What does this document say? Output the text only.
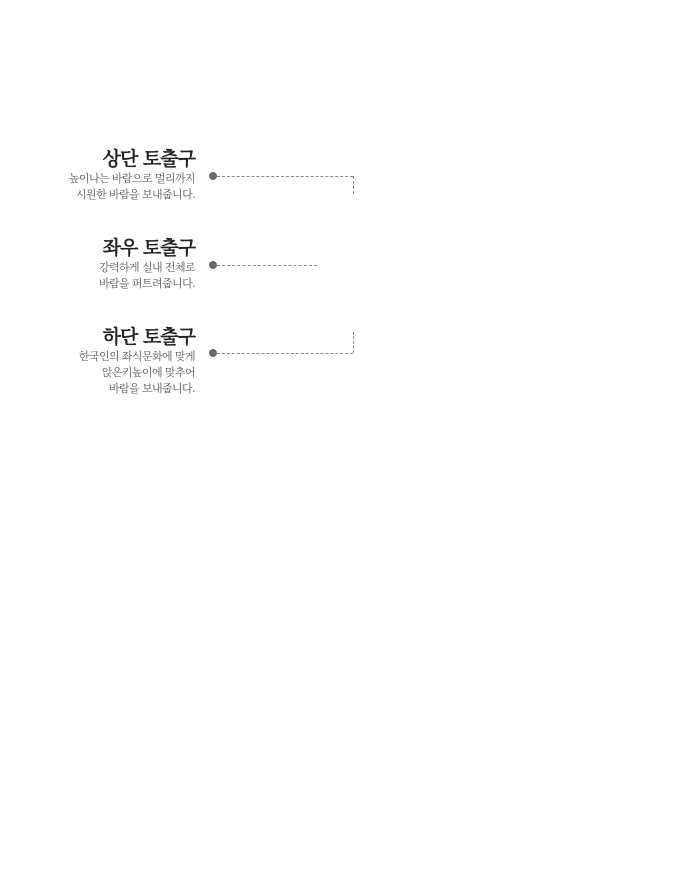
상단 토출구
높이나는 바람으로 멀리까지
시원한 바람을 보내줍니다.
좌우 토출구
강력하게 실내 전체로
바람을 퍼트려줍니다.
하단 토출구
한국인의 좌식문화에 맞게
앉은키높이에 맞추어
바람을 보내줍니다.
